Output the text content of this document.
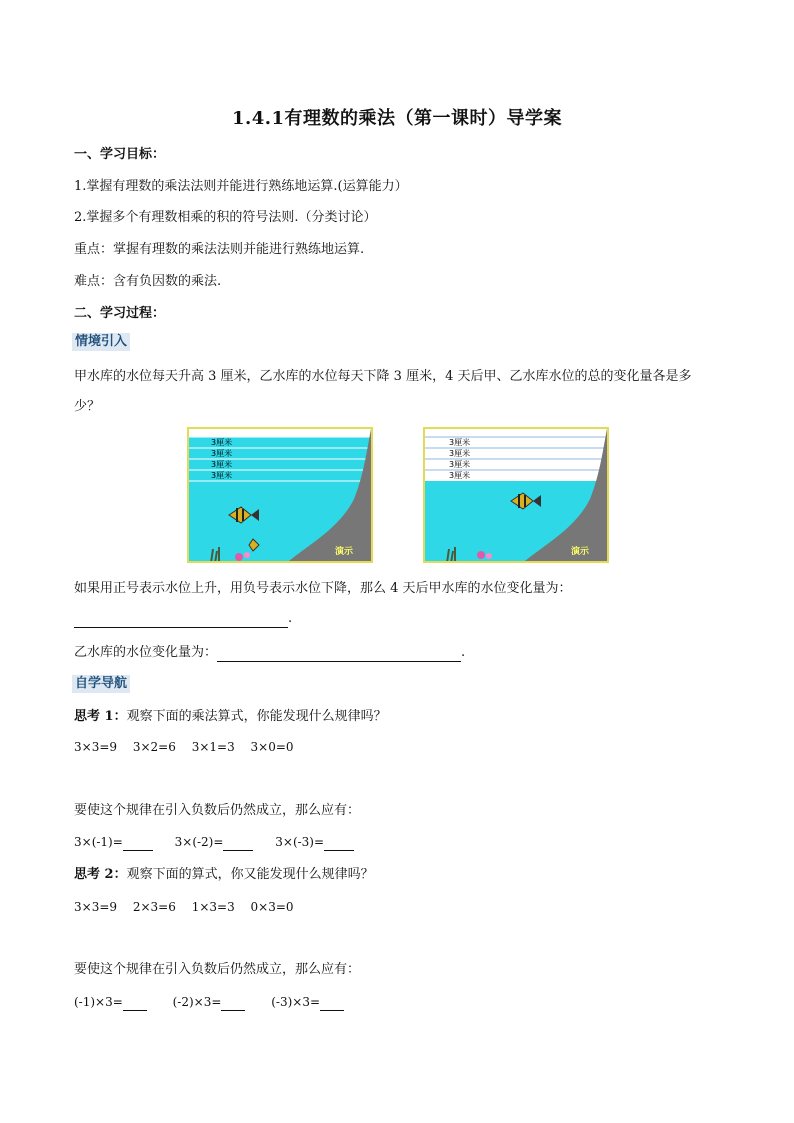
1.4.1有理数的乘法（第一课时）导学案
一、学习目标：
1.掌握有理数的乘法法则并能进行熟练地运算.(运算能力）
2.掌握多个有理数相乘的积的符号法则.（分类讨论）
重点：掌握有理数的乘法法则并能进行熟练地运算.
难点：含有负因数的乘法.
二、学习过程：
情境引入
甲水库的水位每天升高 3 厘米，乙水库的水位每天下降 3 厘米，4 天后甲、乙水库水位的总的变化量各是多
少？
3厘米
3厘米
3厘米
3厘米
演示
3厘米
3厘米
3厘米
3厘米
演示
如果用正号表示水位上升，用负号表示水位下降，那么 4 天后甲水库的水位变化量为：
.
乙水库的水位变化量为：	.
自学导航
思考 1：观察下面的乘法算式，你能发现什么规律吗？
3×3=9 3×2=6 3×1=3 3×0=0
要使这个规律在引入负数后仍然成立，那么应有：
3×(-1)=	3×(-2)=	3×(-3)=
思考 2：观察下面的算式，你又能发现什么规律吗？
3×3=9 2×3=6 1×3=3 0×3=0
要使这个规律在引入负数后仍然成立，那么应有：
(-1)×3=	(-2)×3=	(-3)×3=
